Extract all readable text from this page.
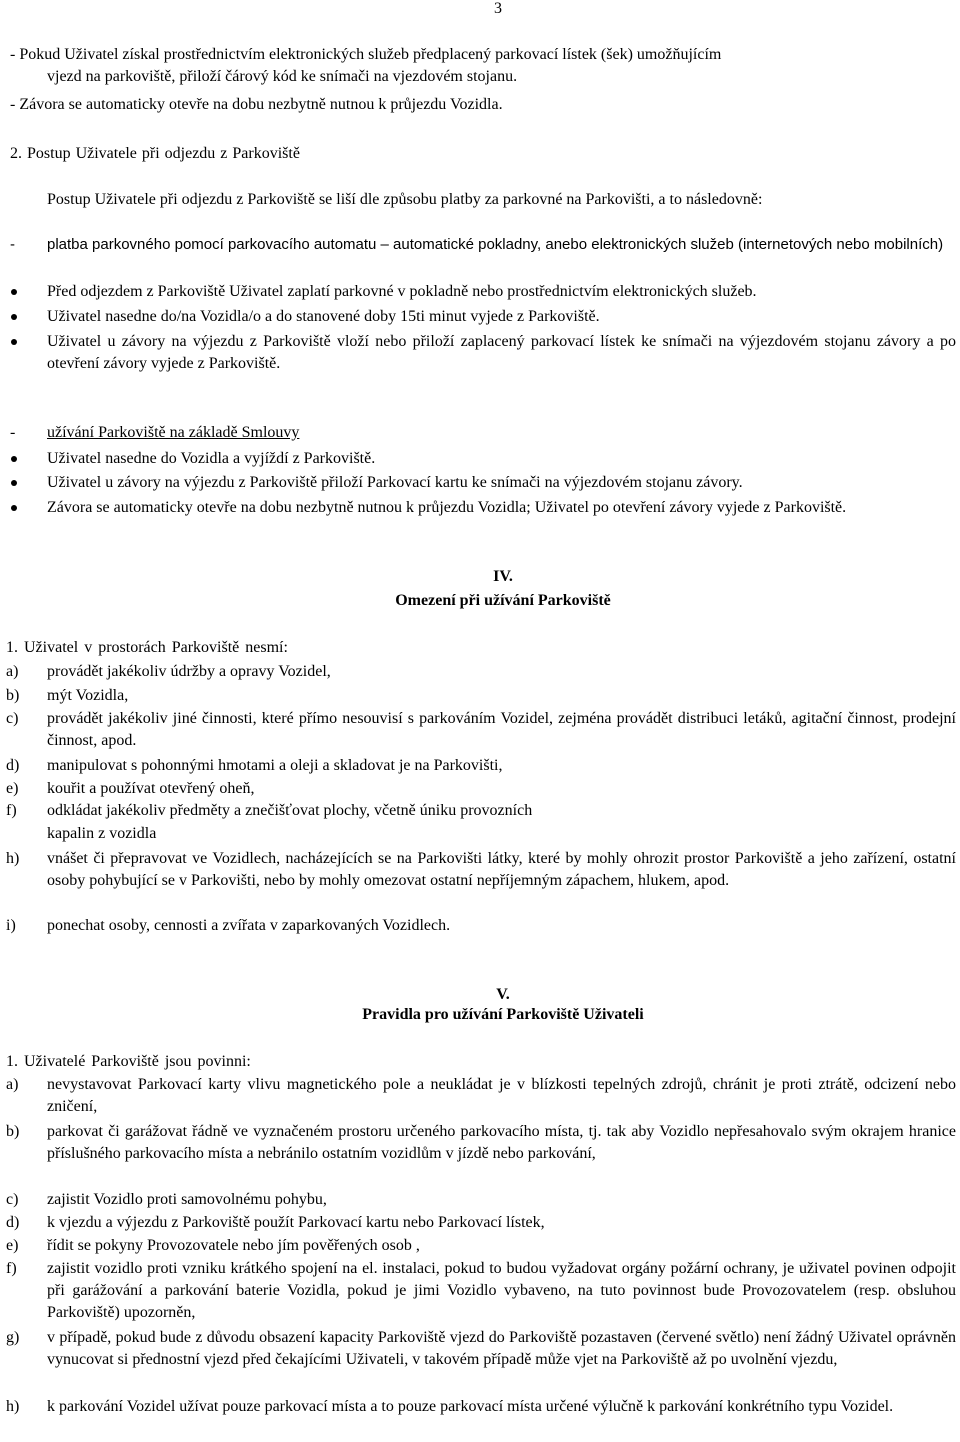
3
- Pokud Uživatel získal prostřednictvím elektronických služeb předplacený parkovací lístek (šek) umožňujícím
vjezd na parkoviště, přiloží čárový kód ke snímači na vjezdovém stojanu.
- Závora se automaticky otevře na dobu nezbytně nutnou k průjezdu Vozidla.
2. Postup Uživatele při odjezdu z Parkoviště
Postup Uživatele při odjezdu z Parkoviště se liší dle způsobu platby za parkovné na Parkovišti, a to následovně:
-	platba parkovného pomocí parkovacího automatu – automatické pokladny, anebo elektronických služeb (internetových nebo mobilních)
Před odjezdem z Parkoviště Uživatel zaplatí parkovné v pokladně nebo prostřednictvím elektronických služeb.
Uživatel nasedne do/na Vozidla/o a do stanovené doby 15ti minut vyjede z Parkoviště.
Uživatel u závory na výjezdu z Parkoviště vloží nebo přiloží zaplacený parkovací lístek ke snímači na výjezdovém stojanu závory a po otevření závory vyjede z Parkoviště.
-	užívání Parkoviště na základě Smlouvy
Uživatel nasedne do Vozidla a vyjíždí z Parkoviště.
Uživatel u závory na výjezdu z Parkoviště přiloží Parkovací kartu ke snímači na výjezdovém stojanu závory.
Závora se automaticky otevře na dobu nezbytně nutnou k průjezdu Vozidla; Uživatel po otevření závory vyjede z Parkoviště.
IV.
Omezení při užívání Parkoviště
1. Uživatel v prostorách Parkoviště nesmí:
a)	provádět jakékoliv údržby a opravy Vozidel,
b)	mýt Vozidla,
c)	provádět jakékoliv jiné činnosti, které přímo nesouvisí s parkováním Vozidel, zejména provádět distribuci letáků, agitační činnost, prodejní činnost, apod.
d)	manipulovat s pohonnými hmotami a oleji a skladovat je na Parkovišti,
e)	kouřit a používat otevřený oheň,
f)	odkládat jakékoliv předměty a znečišťovat plochy, včetně úniku provozních
kapalin z vozidla
h)	vnášet či přepravovat ve Vozidlech, nacházejících se na Parkovišti látky, které by mohly ohrozit prostor Parkoviště a jeho zařízení, ostatní osoby pohybující se v Parkovišti, nebo by mohly omezovat ostatní nepříjemným zápachem, hlukem, apod.
i)	ponechat osoby, cennosti a zvířata v zaparkovaných Vozidlech.
V.
Pravidla pro užívání Parkoviště Uživateli
1. Uživatelé Parkoviště jsou povinni:
a)	nevystavovat Parkovací karty vlivu magnetického pole a neukládat je v blízkosti tepelných zdrojů, chránit je proti ztrátě, odcizení nebo zničení,
b)	parkovat či garážovat řádně ve vyznačeném prostoru určeného parkovacího místa, tj. tak aby Vozidlo nepřesahovalo svým okrajem hranice příslušného parkovacího místa a nebránilo ostatním vozidlům v jízdě nebo parkování,
c)	zajistit Vozidlo proti samovolnému pohybu,
d)	k vjezdu a výjezdu z Parkoviště použít Parkovací kartu nebo Parkovací lístek,
e)	řídit se pokyny Provozovatele nebo jím pověřených osob ,
f)	zajistit vozidlo proti vzniku krátkého spojení na el. instalaci, pokud to budou vyžadovat orgány požární ochrany, je uživatel povinen odpojit při garážování a parkování baterie Vozidla, pokud je jimi Vozidlo vybaveno, na tuto povinnost bude Provozovatelem (resp. obsluhou Parkoviště) upozorněn,
g)	v případě, pokud bude z důvodu obsazení kapacity Parkoviště vjezd do Parkoviště pozastaven (červené světlo) není žádný Uživatel oprávněn vynucovat si přednostní vjezd před čekajícími Uživateli, v takovém případě může vjet na Parkoviště až po uvolnění vjezdu,
h)	k parkování Vozidel užívat pouze parkovací místa a to pouze parkovací místa určené výlučně k parkování konkrétního typu Vozidel.
